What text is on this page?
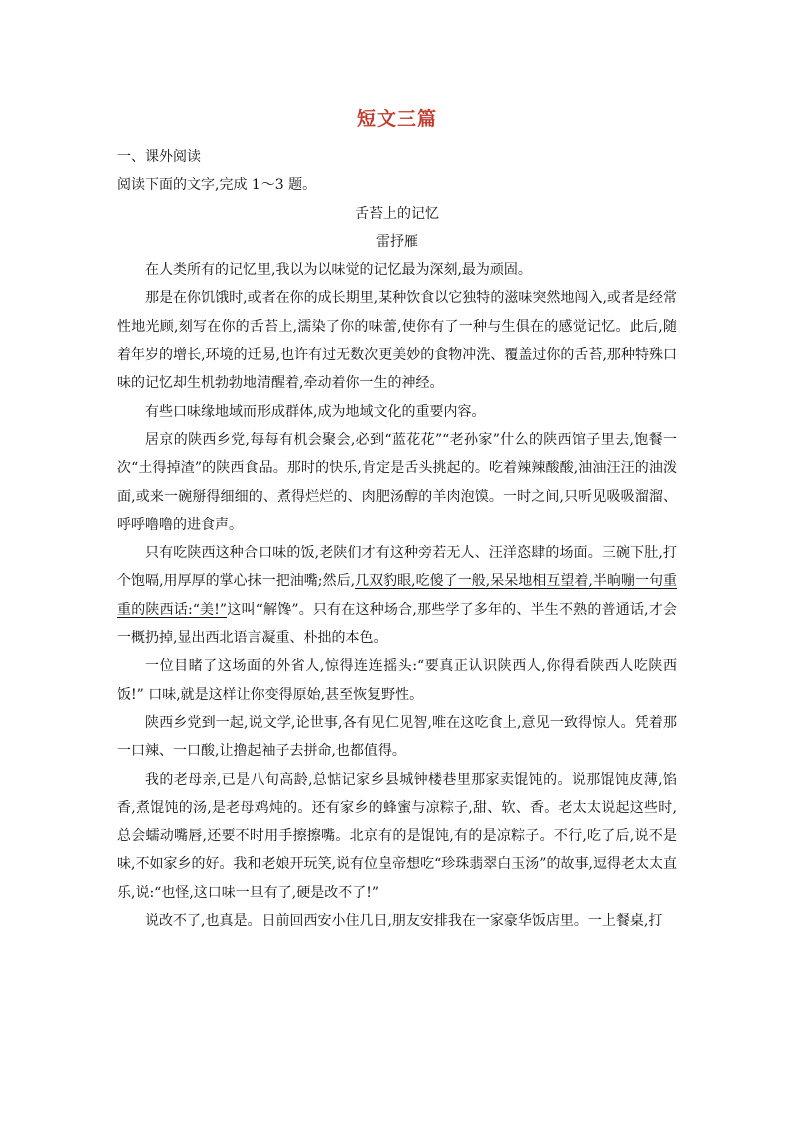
短文三篇

一、课外阅读

阅读下面的文字,完成 1～3 题。

舌苔上的记忆

雷抒雁

在人类所有的记忆里,我以为以味觉的记忆最为深刻,最为顽固。

那是在你饥饿时,或者在你的成长期里,某种饮食以它独特的滋味突然地闯入,或者是经常性地光顾,刻写在你的舌苔上,濡染了你的味蕾,使你有了一种与生俱在的感觉记忆。此后,随着年岁的增长,环境的迁易,也许有过无数次更美妙的食物冲洗、覆盖过你的舌苔,那种特殊口味的记忆却生机勃勃地清醒着,牵动着你一生的神经。

有些口味缘地域而形成群体,成为地域文化的重要内容。

居京的陕西乡党,每每有机会聚会,必到“蓝花花”“老孙家”什么的陕西馆子里去,饱餐一次“土得掉渣”的陕西食品。那时的快乐,肯定是舌头挑起的。吃着辣辣酸酸,油油汪汪的油泼面,或来一碗掰得细细的、煮得烂烂的、肉肥汤醇的羊肉泡馍。一时之间,只听见吸吸溜溜、呼呼噜噜的进食声。

只有吃陕西这种合口味的饭,老陕们才有这种旁若无人、汪洋恣肆的场面。三碗下肚,打个饱嗝,用厚厚的掌心抹一把油嘴;然后,几双豹眼,吃傻了一般,呆呆地相互望着,半晌嘣一句重重的陕西话:“美!”这叫“解馋”。只有在这种场合,那些学了多年的、半生不熟的普通话,才会一概扔掉,显出西北语言凝重、朴拙的本色。

一位目睹了这场面的外省人,惊得连连摇头:“要真正认识陕西人,你得看陕西人吃陕西饭!” 口味,就是这样让你变得原始,甚至恢复野性。

陕西乡党到一起,说文学,论世事,各有见仁见智,唯在这吃食上,意见一致得惊人。凭着那一口辣、一口酸,让撸起袖子去拼命,也都值得。

我的老母亲,已是八旬高龄,总惦记家乡县城钟楼巷里那家卖馄饨的。说那馄饨皮薄,馅香,煮馄饨的汤,是老母鸡炖的。还有家乡的蜂蜜与凉粽子,甜、软、香。老太太说起这些时,总会蠕动嘴唇,还要不时用手擦擦嘴。北京有的是馄饨,有的是凉粽子。不行,吃了后,说不是味,不如家乡的好。我和老娘开玩笑,说有位皇帝想吃“珍珠翡翠白玉汤”的故事,逗得老太太直乐,说:“也怪,这口味一旦有了,硬是改不了!”

说改不了,也真是。日前回西安小住几日,朋友安排我在一家豪华饭店里。一上餐桌,打
